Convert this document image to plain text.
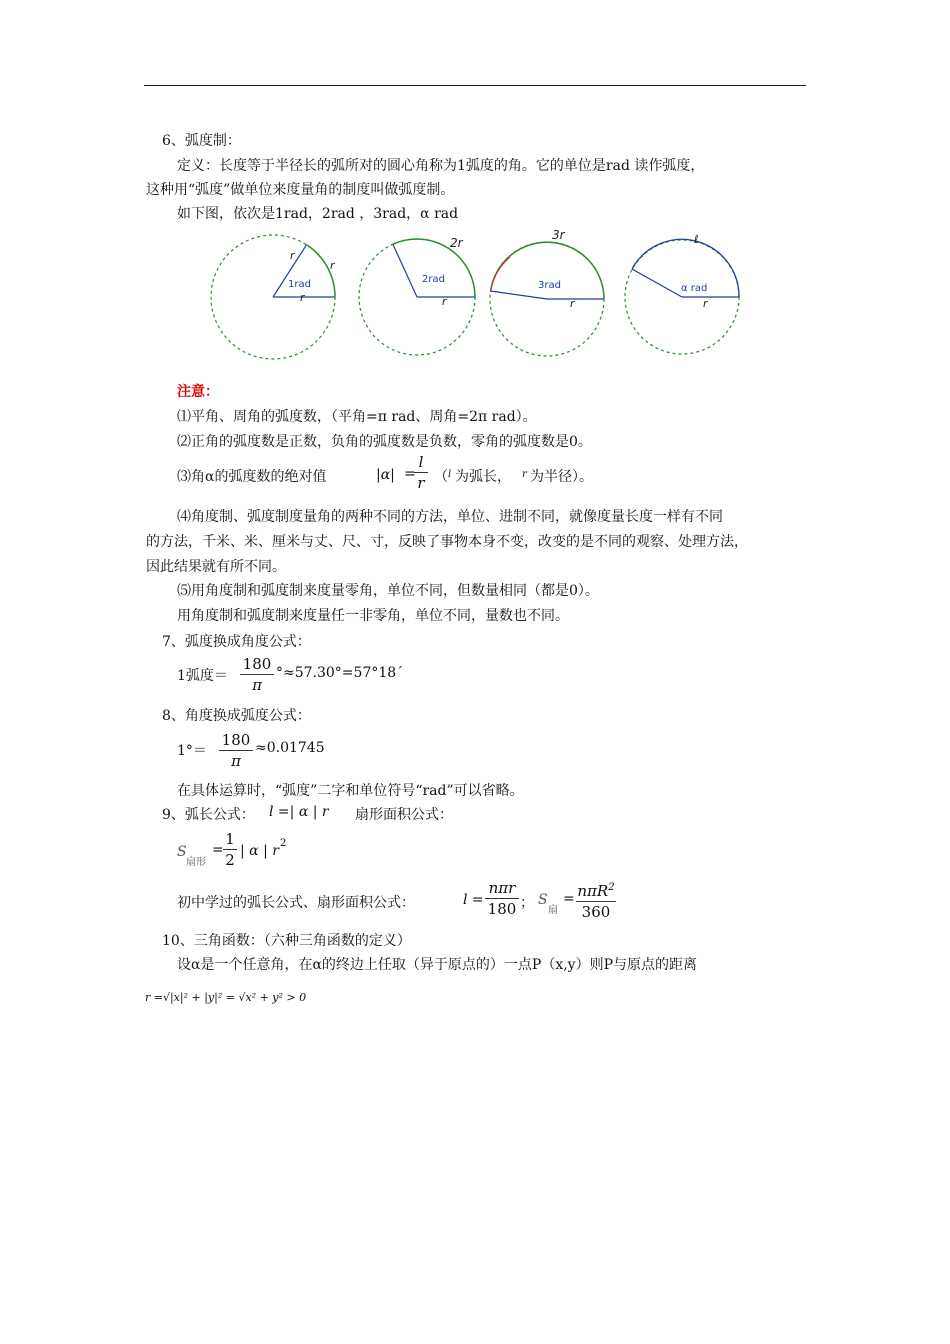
6、弧度制：
定义：长度等于半径长的弧所对的圆心角称为1弧度的角。它的单位是rad 读作弧度，
这种用“弧度”做单位来度量角的制度叫做弧度制。
如下图，依次是1rad，2rad ，3rad，α rad
1rad
r
r
r
2rad
2r
r
3rad
3r
r
α rad
ℓ
r
注意：
⑴平角、周角的弧度数，（平角=π rad、周角=2π rad）。
⑵正角的弧度数是正数，负角的弧度数是负数，零角的弧度数是0。
⑶角α的弧度数的绝对值	|α| =
l
r （ l 为弧长， r 为半径）。
⑷角度制、弧度制度量角的两种不同的方法，单位、进制不同，就像度量长度一样有不同
的方法，千米、米、厘米与丈、尺、寸，反映了事物本身不变，改变的是不同的观察、处理方法，
因此结果就有所不同。
⑸用角度制和弧度制来度量零角，单位不同，但数量相同（都是0）。
用角度制和弧度制来度量任一非零角，单位不同，量数也不同。
7、弧度换成角度公式：
1弧度＝
180
π
°≈57.30°=57°18ˊ
8、角度换成弧度公式：
1°＝
180
π
≈0.01745
在具体运算时，“弧度”二字和单位符号“rad”可以省略。
9、弧长公式： l =| α | r 扇形面积公式：
S
扇形
=
1
2 | α | r 2
初中学过的弧长公式、扇形面积公式：	l =
nπr
180 ； S
扇
= nπR$^2$
360
10、三角函数：（六种三角函数的定义）
设α是一个任意角，在α的终边上任取（异于原点的）一点P（x,y）则P与原点的距离
r =√|x|² + |y|² = √x² + y² > 0
